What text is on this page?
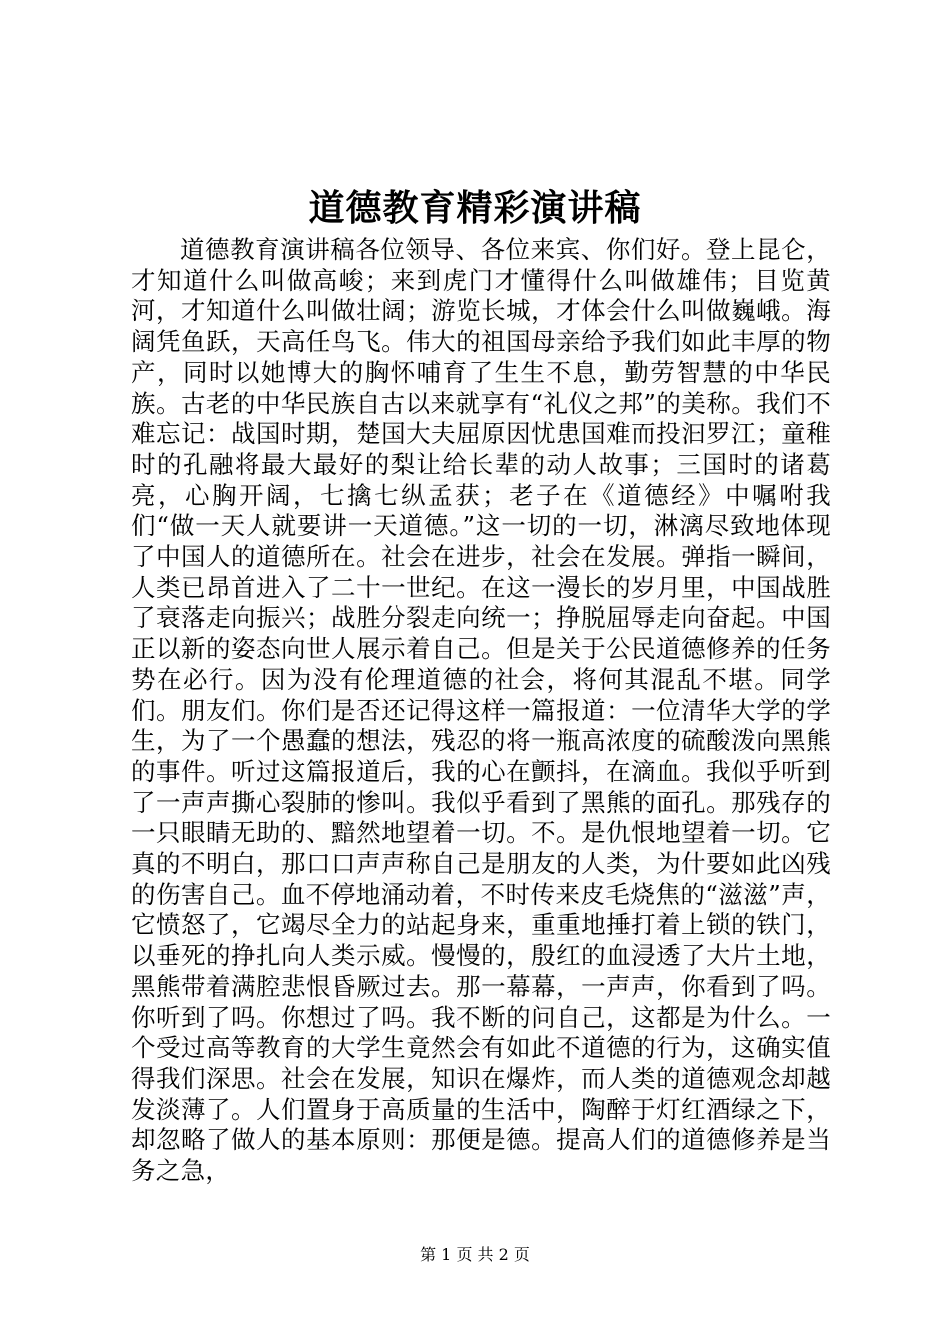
道德教育精彩演讲稿

道德教育演讲稿各位领导、各位来宾、你们好。登上昆仑，才知道什么叫做高峻；来到虎门才懂得什么叫做雄伟；目览黄河，才知道什么叫做壮阔；游览长城，才体会什么叫做巍峨。海阔凭鱼跃，天高任鸟飞。伟大的祖国母亲给予我们如此丰厚的物产，同时以她博大的胸怀哺育了生生不息，勤劳智慧的中华民族。古老的中华民族自古以来就享有“礼仪之邦”的美称。我们不难忘记：战国时期，楚国大夫屈原因忧患国难而投汩罗江；童稚时的孔融将最大最好的梨让给长辈的动人故事；三国时的诸葛亮，心胸开阔，七擒七纵孟获；老子在《道德经》中嘱咐我们“做一天人就要讲一天道德。”这一切的一切，淋漓尽致地体现了中国人的道德所在。社会在进步，社会在发展。弹指一瞬间，人类已昂首进入了二十一世纪。在这一漫长的岁月里，中国战胜了衰落走向振兴；战胜分裂走向统一；挣脱屈辱走向奋起。中国正以新的姿态向世人展示着自己。但是关于公民道德修养的任务势在必行。因为没有伦理道德的社会，将何其混乱不堪。同学们。朋友们。你们是否还记得这样一篇报道：一位清华大学的学生，为了一个愚蠢的想法，残忍的将一瓶高浓度的硫酸泼向黑熊的事件。听过这篇报道后，我的心在颤抖，在滴血。我似乎听到了一声声撕心裂肺的惨叫。我似乎看到了黑熊的面孔。那残存的一只眼睛无助的、黯然地望着一切。不。是仇恨地望着一切。它真的不明白，那口口声声称自己是朋友的人类，为什要如此凶残的伤害自己。血不停地涌动着，不时传来皮毛烧焦的“滋滋”声，它愤怒了，它竭尽全力的站起身来，重重地捶打着上锁的铁门，以垂死的挣扎向人类示威。慢慢的，殷红的血浸透了大片土地，黑熊带着满腔悲恨昏厥过去。那一幕幕，一声声，你看到了吗。你听到了吗。你想过了吗。我不断的问自己，这都是为什么。一个受过高等教育的大学生竟然会有如此不道德的行为，这确实值得我们深思。社会在发展，知识在爆炸，而人类的道德观念却越发淡薄了。人们置身于高质量的生活中，陶醉于灯红酒绿之下，却忽略了做人的基本原则：那便是德。提高人们的道德修养是当务之急，

第 1 页 共 2 页
